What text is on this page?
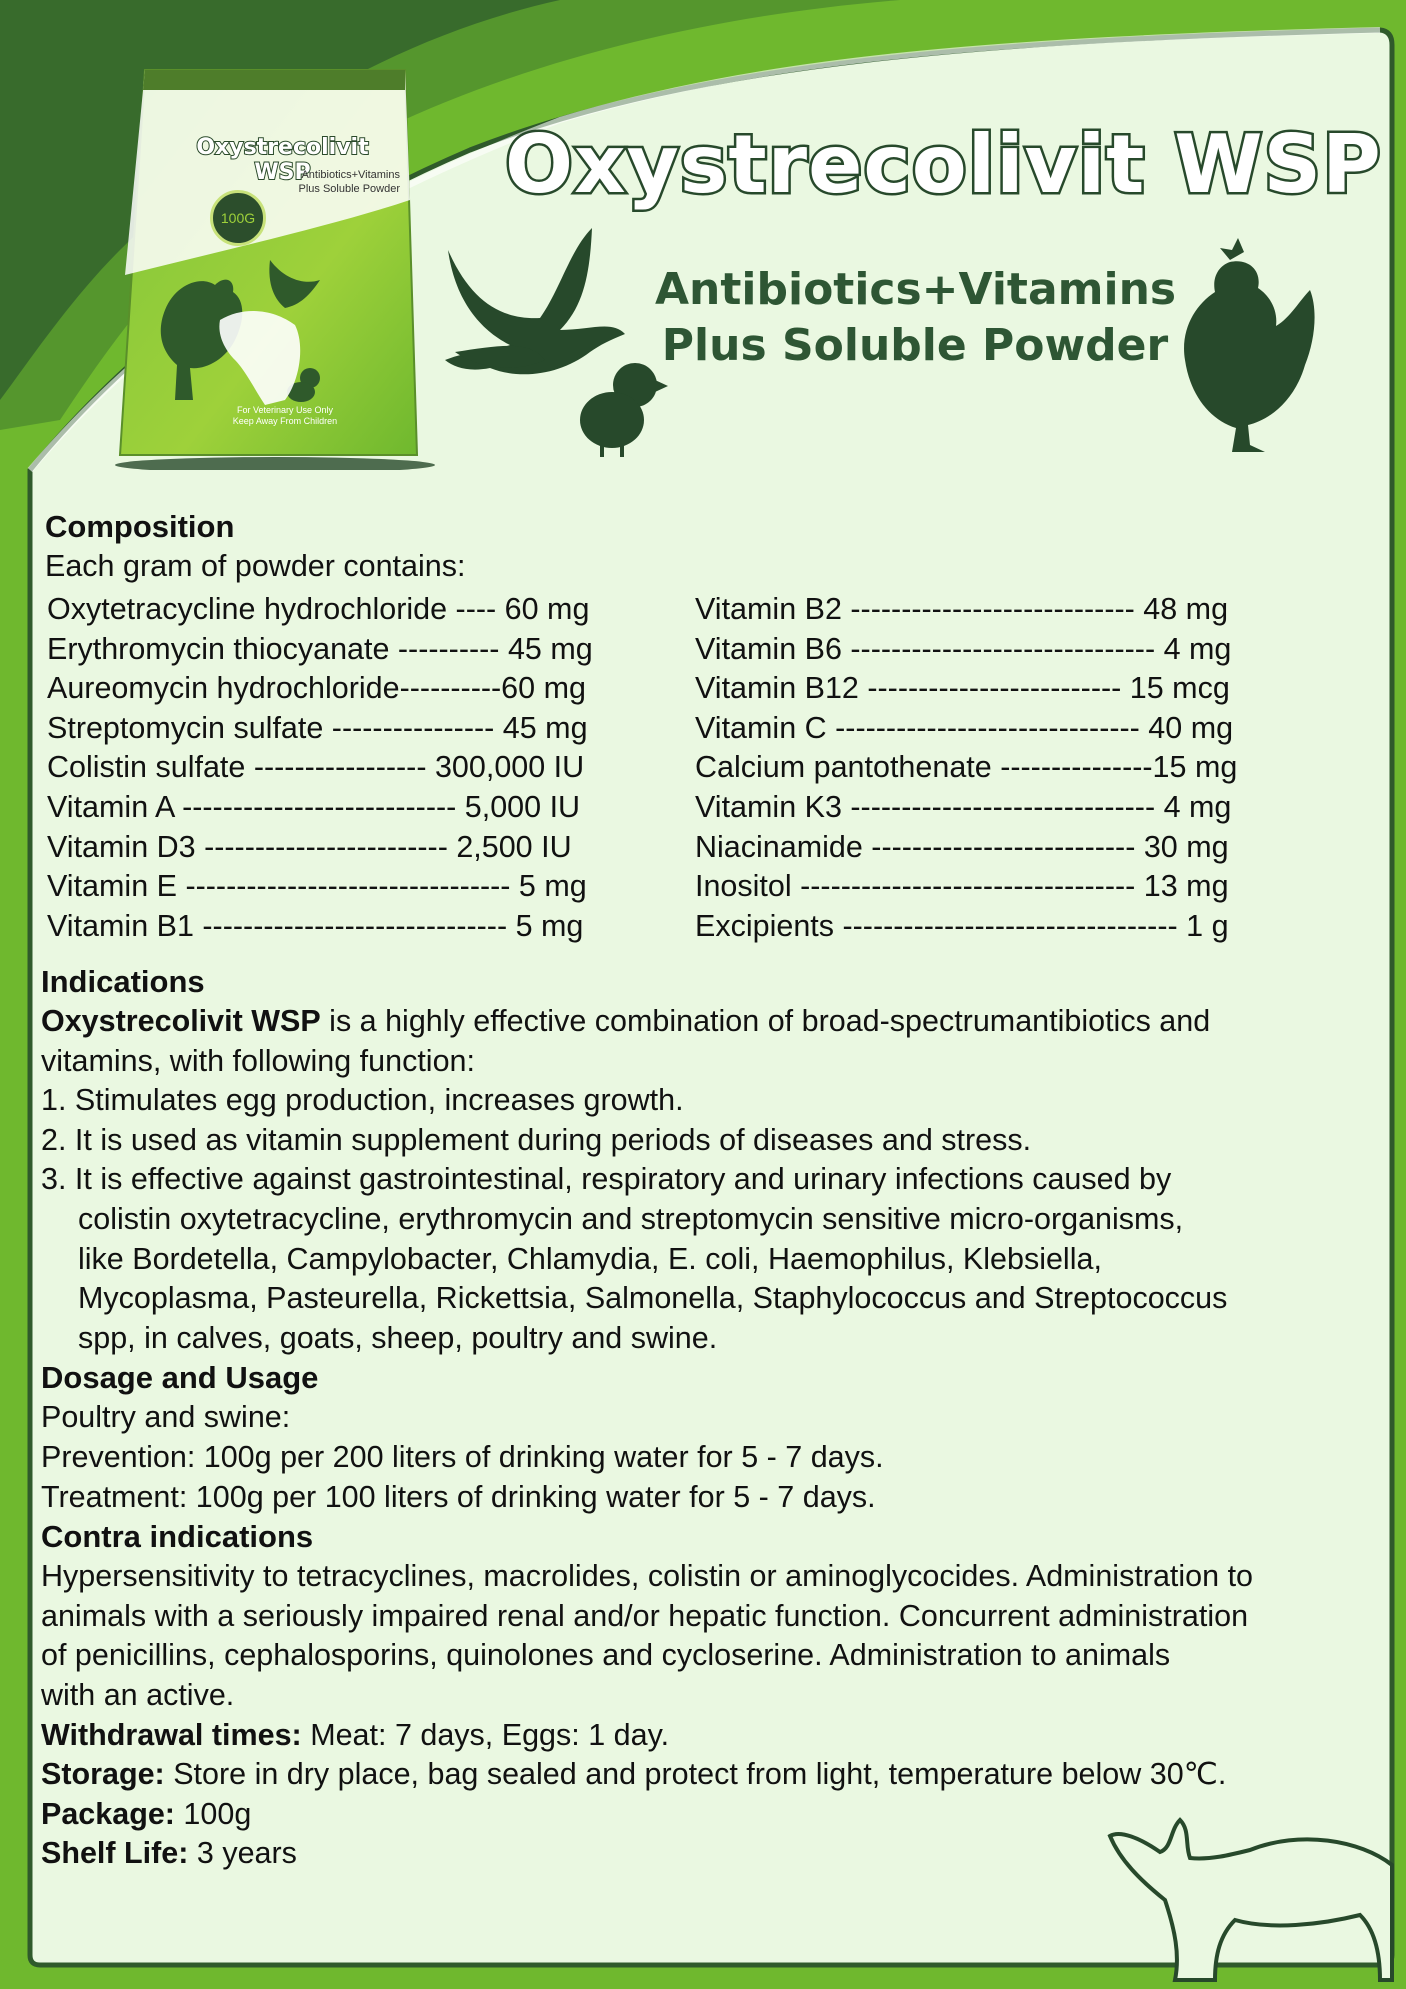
Oxystrecolivit WSP
Antibiotics+Vitamins
Plus Soluble Powder
100G
For Veterinary Use Only
Keep Away From Children
Oxystrecolivit WSP
Antibiotics+Vitamins
Plus Soluble Powder
Composition
Each gram of powder contains:
Oxytetracycline hydrochloride ---- 60 mg
Erythromycin thiocyanate ---------- 45 mg
Aureomycin hydrochloride----------60 mg
Streptomycin sulfate ---------------- 45 mg
Colistin sulfate ----------------- 300,000 IU
Vitamin A --------------------------- 5,000 IU
Vitamin D3 ------------------------ 2,500 IU
Vitamin E -------------------------------- 5 mg
Vitamin B1 ------------------------------ 5 mg
Vitamin B2 ---------------------------- 48 mg
Vitamin B6 ------------------------------ 4 mg
Vitamin B12 ------------------------- 15 mcg
Vitamin C ------------------------------ 40 mg
Calcium pantothenate ---------------15 mg
Vitamin K3 ------------------------------ 4 mg
Niacinamide -------------------------- 30 mg
Inositol --------------------------------- 13 mg
Excipients --------------------------------- 1 g
Indications
Oxystrecolivit WSP is a highly effective combination of broad-spectrumantibiotics and
vitamins, with following function:
1. Stimulates egg production, increases growth.
2. It is used as vitamin supplement during periods of diseases and stress.
3. It is effective against gastrointestinal, respiratory and urinary infections caused by
colistin oxytetracycline, erythromycin and streptomycin sensitive micro-organisms,
like Bordetella, Campylobacter, Chlamydia, E. coli, Haemophilus, Klebsiella,
Mycoplasma, Pasteurella, Rickettsia, Salmonella, Staphylococcus and Streptococcus
spp, in calves, goats, sheep, poultry and swine.
Dosage and Usage
Poultry and swine:
Prevention: 100g per 200 liters of drinking water for 5 - 7 days.
Treatment: 100g per 100 liters of drinking water for 5 - 7 days.
Contra indications
Hypersensitivity to tetracyclines, macrolides, colistin or aminoglycocides. Administration to
animals with a seriously impaired renal and/or hepatic function. Concurrent administration
of penicillins, cephalosporins, quinolones and cycloserine. Administration to animals
with an active.
Withdrawal times: Meat: 7 days, Eggs: 1 day.
Storage: Store in dry place, bag sealed and protect from light, temperature below 30℃.
Package: 100g
Shelf Life: 3 years
